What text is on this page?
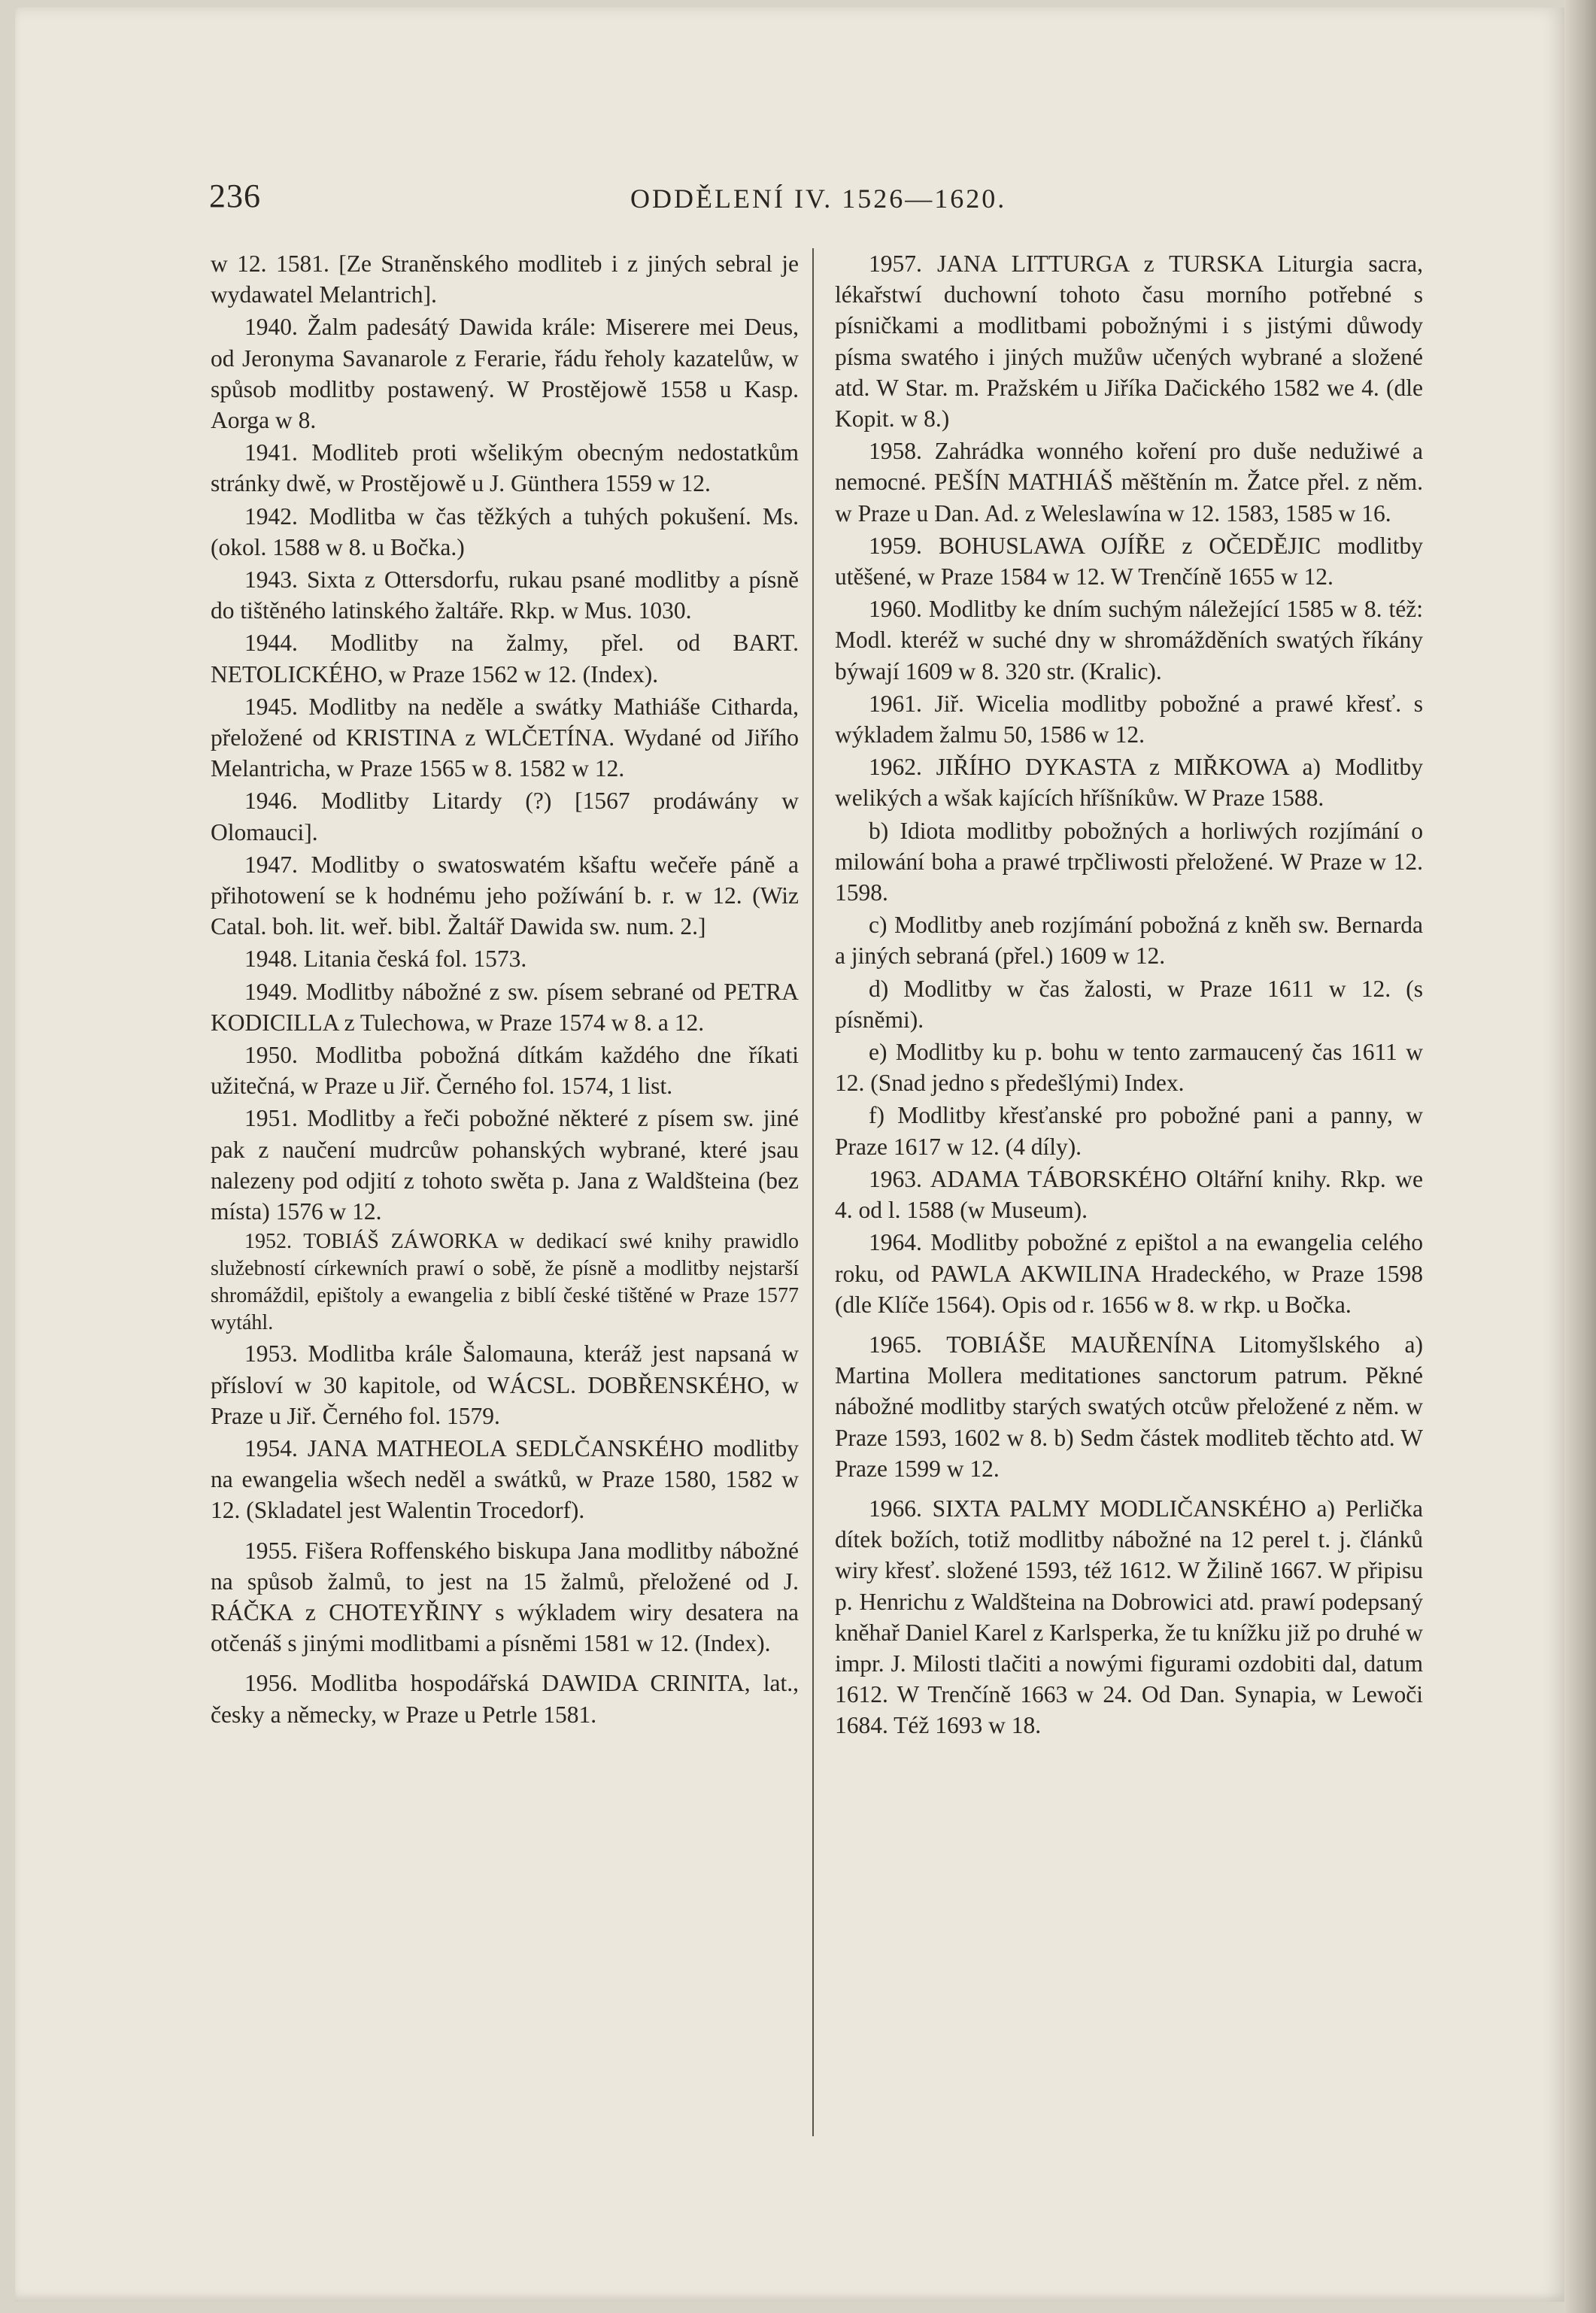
236	ODDĚLENÍ IV. 1526—1620.

w 12. 1581. [Ze Straněnského modliteb i z jiných sebral je wydawatel Melantrich].

1940. Žalm padesátý Dawida krále: Miserere mei Deus, od Jeronyma Savanarole z Ferarie, řádu řeholy kazatelůw, w spůsob modlitby postawený. W Prostějowě 1558 u Kasp. Aorga w 8.

1941. Modliteb proti wšelikým obecným nedostatkům stránky dwě, w Prostějowě u J. Günthera 1559 w 12.

1942. Modlitba w čas těžkých a tuhých pokušení. Ms. (okol. 1588 w 8. u Bočka.)

1943. Sixta z Ottersdorfu, rukau psané modlitby a písně do tištěného latinského žaltáře. Rkp. w Mus. 1030.

1944. Modlitby na žalmy, přel. od BART. NETOLICKÉHO, w Praze 1562 w 12. (Index).

1945. Modlitby na neděle a swátky Mathiáše Citharda, přeložené od KRISTINA z WLČETÍNA. Wydané od Jiřího Melantricha, w Praze 1565 w 8. 1582 w 12.

1946. Modlitby Litardy (?) [1567 prodáwány w Olomauci].

1947. Modlitby o swatoswatém kšaftu wečeře páně a přihotowení se k hodnému jeho požíwání b. r. w 12. (Wiz Catal. boh. lit. weř. bibl. Žaltář Dawida sw. num. 2.]

1948. Litania česká fol. 1573.

1949. Modlitby nábožné z sw. písem sebrané od PETRA KODICILLA z Tulechowa, w Praze 1574 w 8. a 12.

1950. Modlitba pobožná dítkám každého dne říkati užitečná, w Praze u Jiř. Černého fol. 1574, 1 list.

1951. Modlitby a řeči pobožné některé z písem sw. jiné pak z naučení mudrcůw pohanských wybrané, které jsau nalezeny pod odjití z tohoto swěta p. Jana z Waldšteina (bez místa) 1576 w 12.

1952. TOBIÁŠ ZÁWORKA w dedikací swé knihy prawidlo služebností církewních prawí o sobě, že písně a modlitby nejstarší shromáždil, epištoly a ewangelia z biblí české tištěné w Praze 1577 wytáhl.

1953. Modlitba krále Šalomauna, kteráž jest napsaná w přísloví w 30 kapitole, od WÁCSL. DOBŘENSKÉHO, w Praze u Jiř. Černého fol. 1579.

1954. JANA MATHEOLA SEDLČANSKÉHO modlitby na ewangelia wšech neděl a swátků, w Praze 1580, 1582 w 12. (Skladatel jest Walentin Trocedorf).

1955. Fišera Roffenského biskupa Jana modlitby nábožné na spůsob žalmů, to jest na 15 žalmů, přeložené od J. RÁČKA z CHOTEYŘINY s wýkladem wiry desatera na otčenáš s jinými modlitbami a písněmi 1581 w 12. (Index).

1956. Modlitba hospodářská DAWIDA CRINITA, lat., česky a německy, w Praze u Petrle 1581.

1957. JANA LITTURGA z TURSKA Liturgia sacra, lékařstwí duchowní tohoto času morního potřebné s písničkami a modlitbami pobožnými i s jistými důwody písma swatého i jiných mužůw učených wybrané a složené atd. W Star. m. Pražském u Jiříka Dačického 1582 we 4. (dle Kopit. w 8.)

1958. Zahrádka wonného koření pro duše nedužiwé a nemocné. PEŠÍN MATHIÁŠ měštěnín m. Žatce přel. z něm. w Praze u Dan. Ad. z Weleslawína w 12. 1583, 1585 w 16.

1959. BOHUSLAWA OJÍŘE z OČEDĚJIC modlitby utěšené, w Praze 1584 w 12. W Trenčíně 1655 w 12.

1960. Modlitby ke dním suchým náležející 1585 w 8. též: Modl. kteréž w suché dny w shromážděních swatých říkány býwají 1609 w 8. 320 str. (Kralic).

1961. Jiř. Wicelia modlitby pobožné a prawé křesť. s wýkladem žalmu 50, 1586 w 12.

1962. JIŘÍHO DYKASTA z MIŘKOWA a) Modlitby welikých a wšak kajících hříšníkůw. W Praze 1588.

b) Idiota modlitby pobožných a horliwých rozjímání o milowání boha a prawé trpčliwosti přeložené. W Praze w 12. 1598.

c) Modlitby aneb rozjímání pobožná z kněh sw. Bernarda a jiných sebraná (přel.) 1609 w 12.

d) Modlitby w čas žalosti, w Praze 1611 w 12. (s písněmi).

e) Modlitby ku p. bohu w tento zarmaucený čas 1611 w 12. (Snad jedno s předešlými) Index.

f) Modlitby křesťanské pro pobožné pani a panny, w Praze 1617 w 12. (4 díly).

1963. ADAMA TÁBORSKÉHO Oltářní knihy. Rkp. we 4. od l. 1588 (w Museum).

1964. Modlitby pobožné z epištol a na ewangelia celého roku, od PAWLA AKWILINA Hradeckého, w Praze 1598 (dle Klíče 1564). Opis od r. 1656 w 8. w rkp. u Bočka.

1965. TOBIÁŠE MAUŘENÍNA Litomyšlského a) Martina Mollera meditationes sanctorum patrum. Pěkné nábožné modlitby starých swatých otcůw přeložené z něm. w Praze 1593, 1602 w 8. b) Sedm částek modliteb těchto atd. W Praze 1599 w 12.

1966. SIXTA PALMY MODLIČANSKÉHO a) Perlička dítek božích, totiž modlitby nábožné na 12 perel t. j. článků wiry křesť. složené 1593, též 1612. W Žilině 1667. W připisu p. Henrichu z Waldšteina na Dobrowici atd. prawí podepsaný kněhař Daniel Karel z Karlsperka, že tu knížku již po druhé w impr. J. Milosti tlačiti a nowými figurami ozdobiti dal, datum 1612. W Trenčíně 1663 w 24. Od Dan. Synapia, w Lewoči 1684. Též 1693 w 18.
